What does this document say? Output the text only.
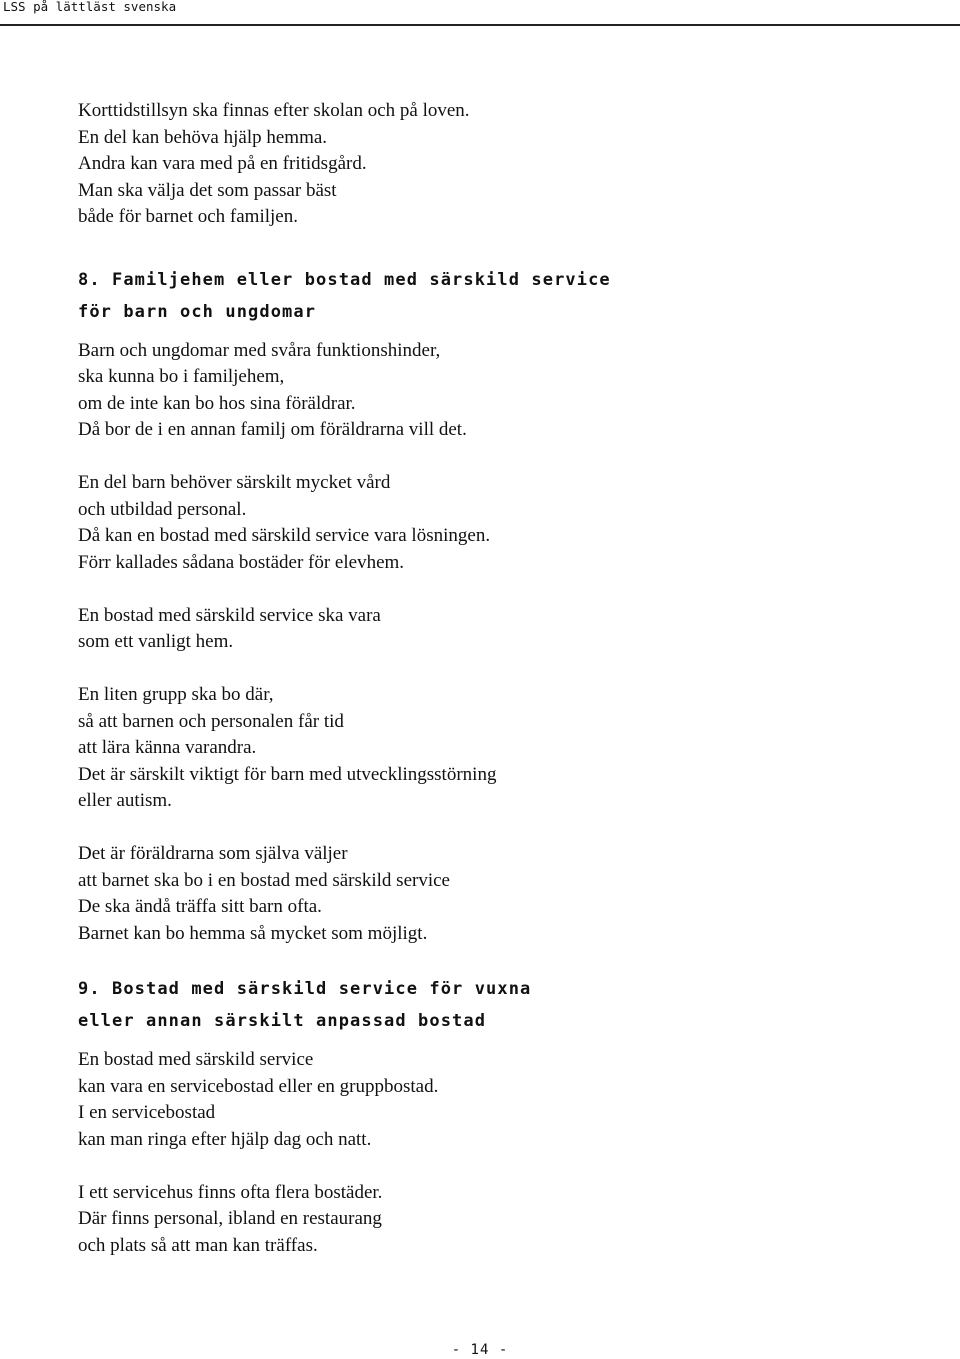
LSS på lättläst svenska

Korttidstillsyn ska finnas efter skolan och på loven.
En del kan behöva hjälp hemma.
Andra kan vara med på en fritidsgård.
Man ska välja det som passar bäst
både för barnet och familjen.

8. Familjehem eller bostad med särskild service
för barn och ungdomar

Barn och ungdomar med svåra funktionshinder,
ska kunna bo i familjehem,
om de inte kan bo hos sina föräldrar.
Då bor de i en annan familj om föräldrarna vill det.

En del barn behöver särskilt mycket vård
och utbildad personal.
Då kan en bostad med särskild service vara lösningen.
Förr kallades sådana bostäder för elevhem.

En bostad med särskild service ska vara
som ett vanligt hem.

En liten grupp ska bo där,
så att barnen och personalen får tid
att lära känna varandra.
Det är särskilt viktigt för barn med utvecklingsstörning
eller autism.

Det är föräldrarna som själva väljer
att barnet ska bo i en bostad med särskild service
De ska ändå träffa sitt barn ofta.
Barnet kan bo hemma så mycket som möjligt.

9. Bostad med särskild service för vuxna
eller annan särskilt anpassad bostad

En bostad med särskild service
kan vara en servicebostad eller en gruppbostad.
I en servicebostad
kan man ringa efter hjälp dag och natt.

I ett servicehus finns ofta flera bostäder.
Där finns personal, ibland en restaurang
och plats så att man kan träffas.

- 14 -
